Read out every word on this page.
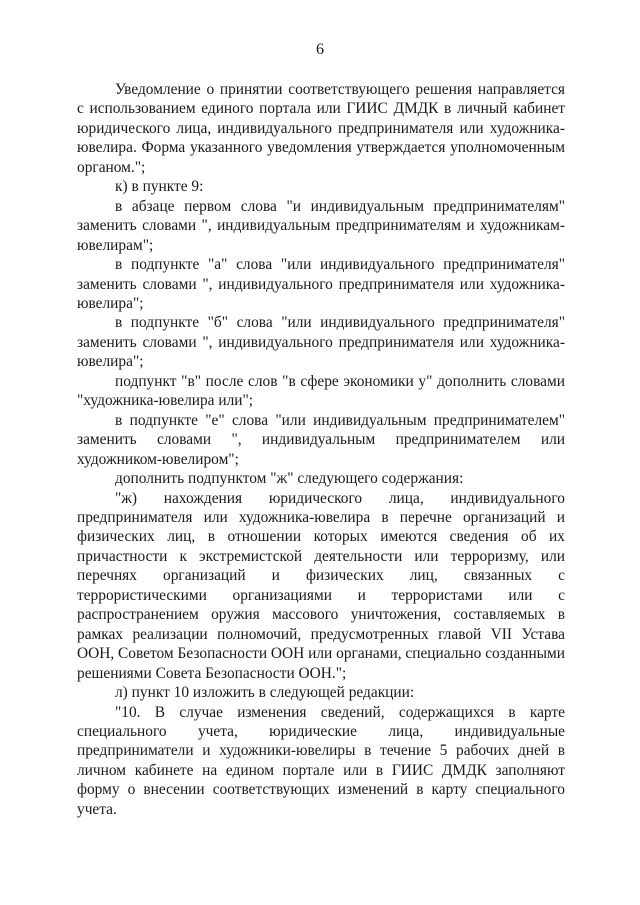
6

Уведомление о принятии соответствующего решения направляется с использованием единого портала или ГИИС ДМДК в личный кабинет юридического лица, индивидуального предпринимателя или художника-ювелира. Форма указанного уведомления утверждается уполномоченным органом.";

к) в пункте 9:

в абзаце первом слова "и индивидуальным предпринимателям" заменить словами ", индивидуальным предпринимателям и художникам-ювелирам";

в подпункте "а" слова "или индивидуального предпринимателя" заменить словами ", индивидуального предпринимателя или художника-ювелира";

в подпункте "б" слова "или индивидуального предпринимателя" заменить словами ", индивидуального предпринимателя или художника-ювелира";

подпункт "в" после слов "в сфере экономики у" дополнить словами "художника-ювелира или";

в подпункте "е" слова "или индивидуальным предпринимателем" заменить словами ", индивидуальным предпринимателем или художником-ювелиром";

дополнить подпунктом "ж" следующего содержания:

"ж) нахождения юридического лица, индивидуального предпринимателя или художника-ювелира в перечне организаций и физических лиц, в отношении которых имеются сведения об их причастности к экстремистской деятельности или терроризму, или перечнях организаций и физических лиц, связанных с террористическими организациями и террористами или с распространением оружия массового уничтожения, составляемых в рамках реализации полномочий, предусмотренных главой VII Устава ООН, Советом Безопасности ООН или органами, специально созданными решениями Совета Безопасности ООН.";

л) пункт 10 изложить в следующей редакции:

"10. В случае изменения сведений, содержащихся в карте специального учета, юридические лица, индивидуальные предприниматели и художники-ювелиры в течение 5 рабочих дней в личном кабинете на едином портале или в ГИИС ДМДК заполняют форму о внесении соответствующих изменений в карту специального учета.
